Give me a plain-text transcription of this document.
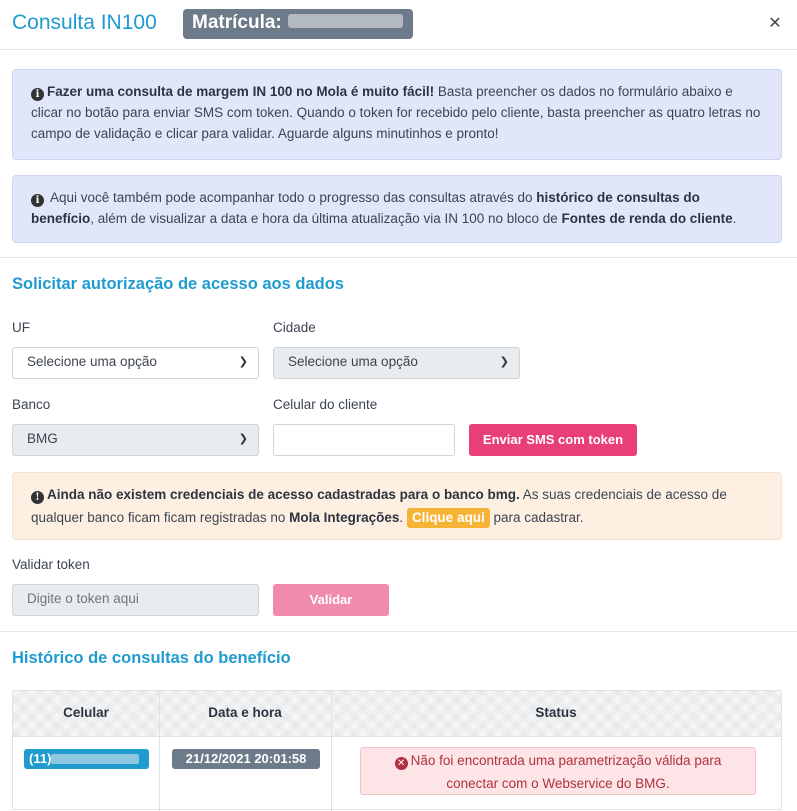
Consulta IN100	Matrícula:	✕
i Fazer uma consulta de margem IN 100 no Mola é muito fácil! Basta preencher os dados no formulário abaixo e clicar no botão para enviar SMS com token. Quando o token for recebido pelo cliente, basta preencher as quatro letras no campo de validação e clicar para validar. Aguarde alguns minutinhos e pronto!
i Aqui você também pode acompanhar todo o progresso das consultas através do histórico de consultas do benefício, além de visualizar a data e hora da última atualização via IN 100 no bloco de Fontes de renda do cliente.
Solicitar autorização de acesso aos dados
UF
Selecione uma opção	❯
Cidade
Selecione uma opção	❯
Banco
BMG	❯
Celular do cliente
Enviar SMS com token
! Ainda não existem credenciais de acesso cadastradas para o banco bmg. As suas credenciais de acesso de qualquer banco ficam ficam registradas no Mola Integrações. Clique aqui para cadastrar.
Validar token
Digite o token aqui	Validar
Histórico de consultas do benefício
Celular	Data e hora	Status
(11)	21/12/2021 20:01:58	✕ Não foi encontrada uma parametrização válida para conectar com o Webservice do BMG.
